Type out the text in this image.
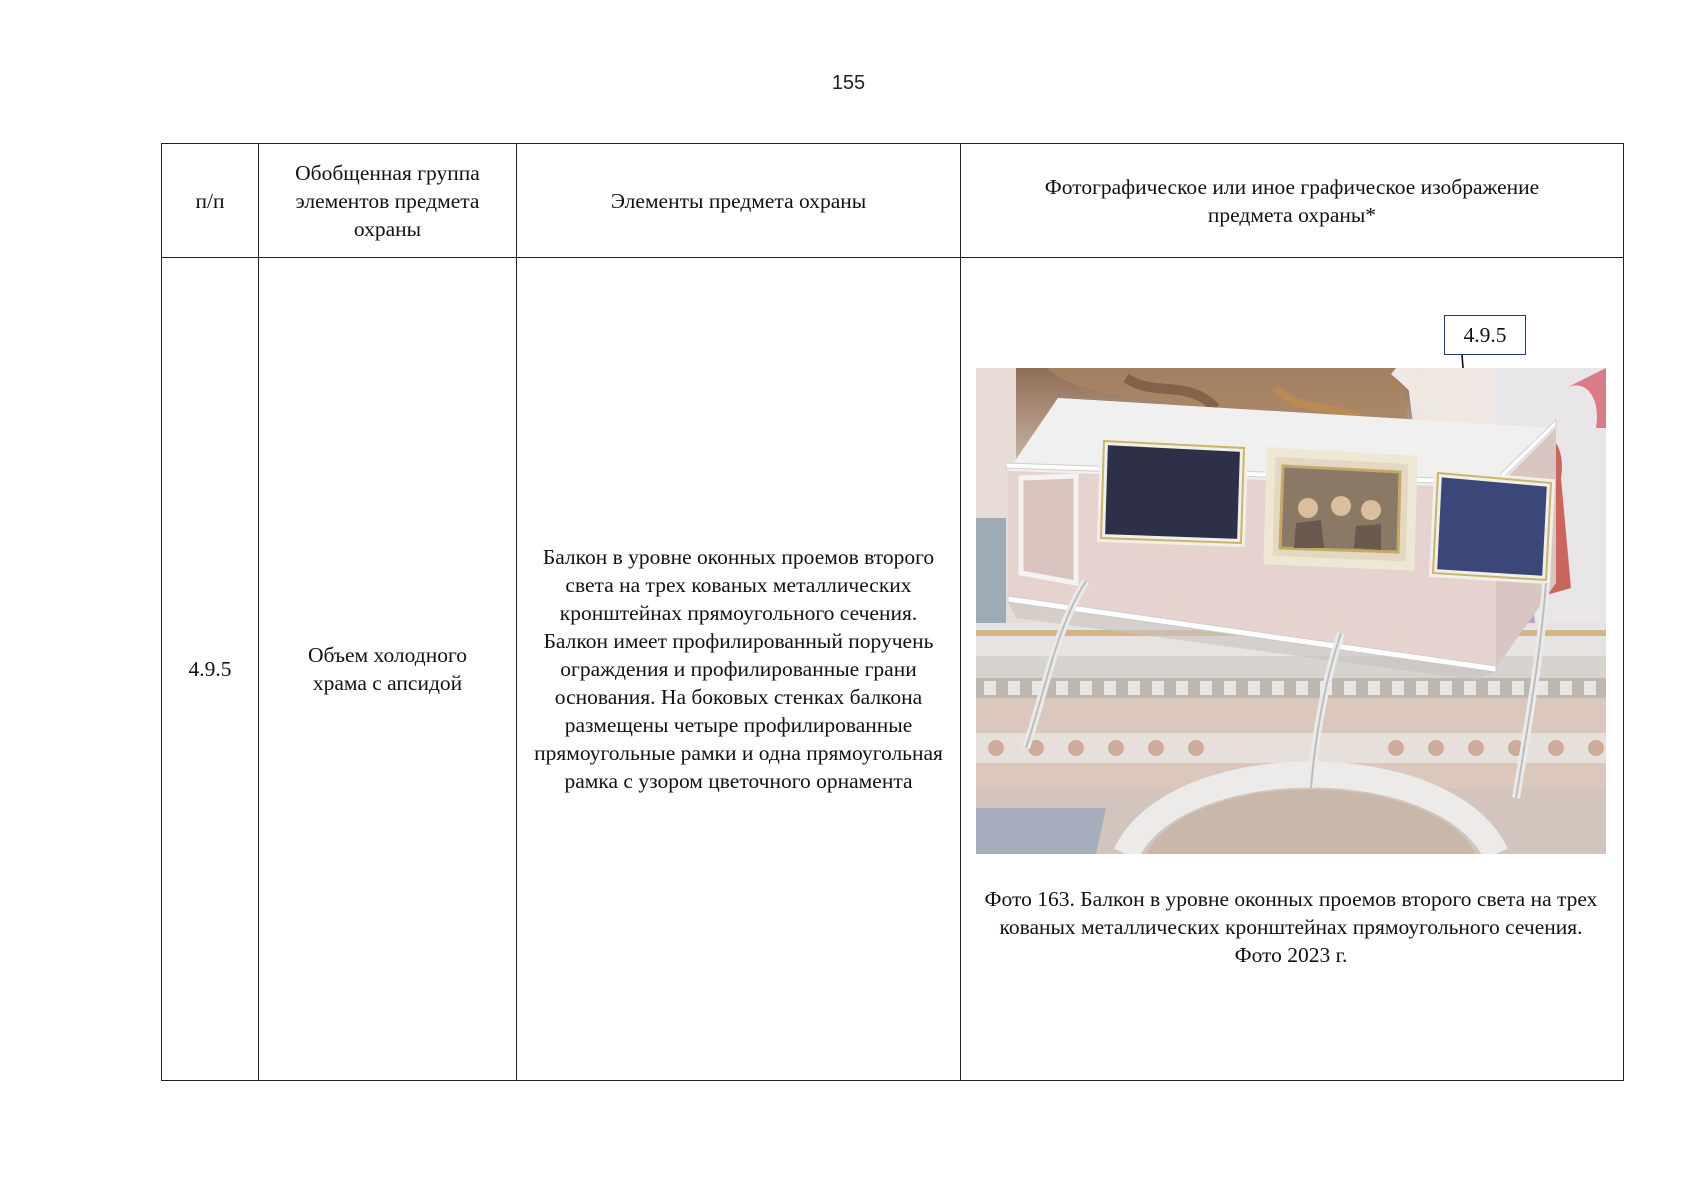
155
п/п	Обобщенная группа элементов предмета охраны	Элементы предмета охраны	Фотографическое или иное графическое изображение предмета охраны*
4.9.5	Объем холодного храма с апсидой	Балкон в уровне оконных проемов второго света на трех кованых металлических кронштейнах прямоугольного сечения. Балкон имеет профилированный поручень ограждения и профилированные грани основания. На боковых стенках балкона размещены четыре профилированные прямоугольные рамки и одна прямоугольная рамка с узором цветочного орнамента	4.9.5
Фото 163. Балкон в уровне оконных проемов второго света на трех кованых металлических кронштейнах прямоугольного сечения. Фото 2023 г.
